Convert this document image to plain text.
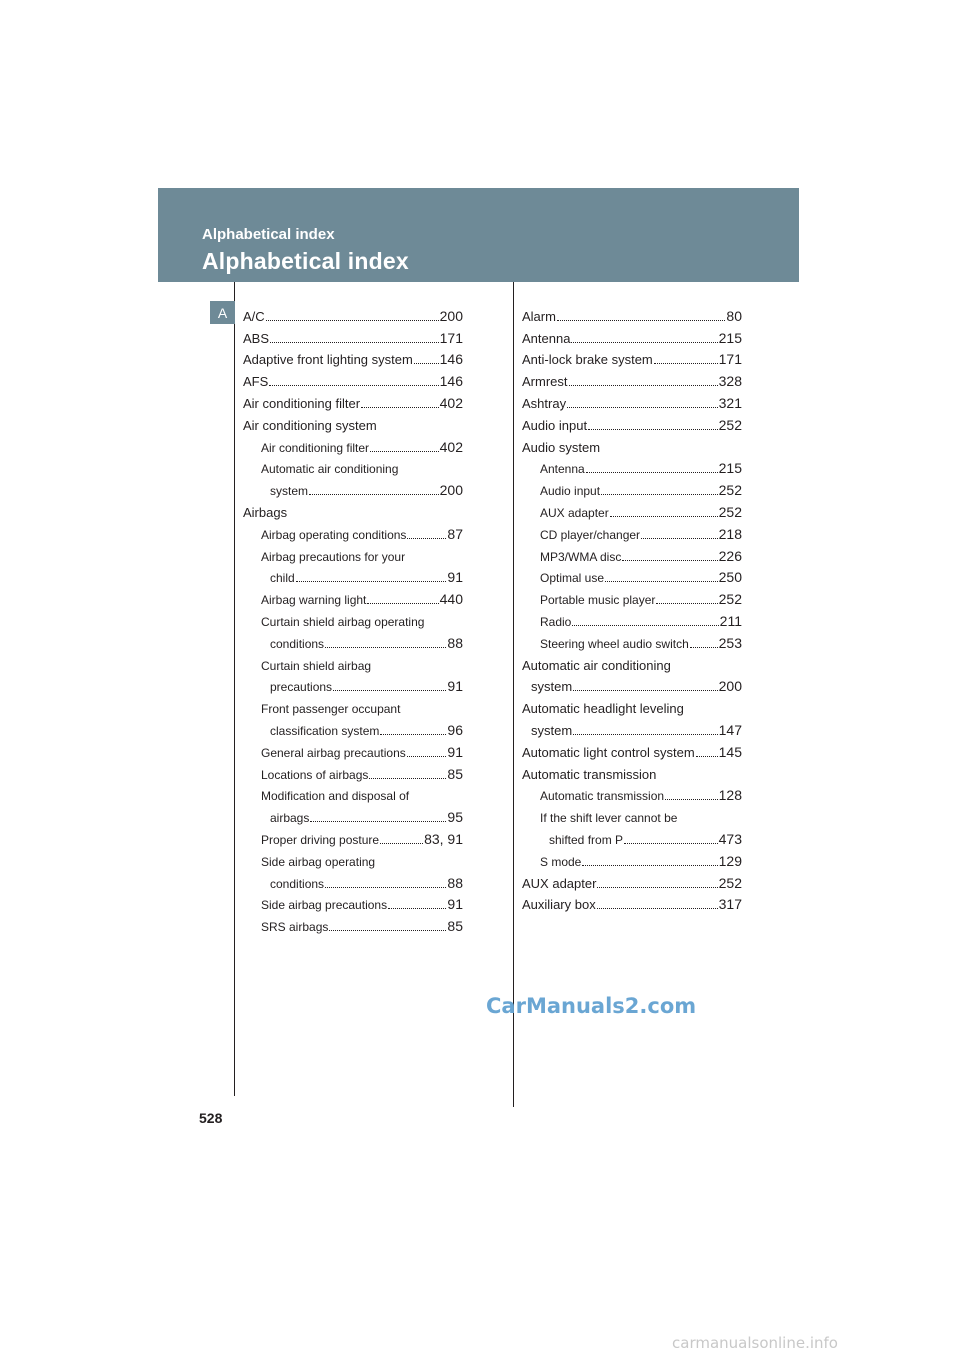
Alphabetical index
Alphabetical index
A	A/C	200
ABS	171
Adaptive front lighting system 146
AFS	146
Air conditioning filter	402
Air conditioning system
Air conditioning filter	402
Automatic air conditioning
system	200
Airbags
Airbag operating conditions	87
Airbag precautions for your
child	91
Airbag warning light	440
Curtain shield airbag operating
conditions	88
Curtain shield airbag
precautions	91
Front passenger occupant
classification system	96
General airbag precautions	91
Locations of airbags	85
Modification and disposal of
airbags	95
Proper driving posture	83, 91
Side airbag operating
conditions	88
Side airbag precautions	91
SRS airbags	85
Alarm	80
Antenna	215
Anti-lock brake system	171
Armrest	328
Ashtray	321
Audio input	252
Audio system
Antenna	215
Audio input	252
AUX adapter	252
CD player/changer	218
MP3/WMA disc	226
Optimal use	250
Portable music player	252
Radio	211
Steering wheel audio switch 253
Automatic air conditioning
system	200
Automatic headlight leveling
system	147
Automatic light control system 145
Automatic transmission
Automatic transmission	128
If the shift lever cannot be
shifted from P	473
S mode	129
AUX adapter	252
Auxiliary box	317
CarManuals2.com
528
carmanualsonline.info
